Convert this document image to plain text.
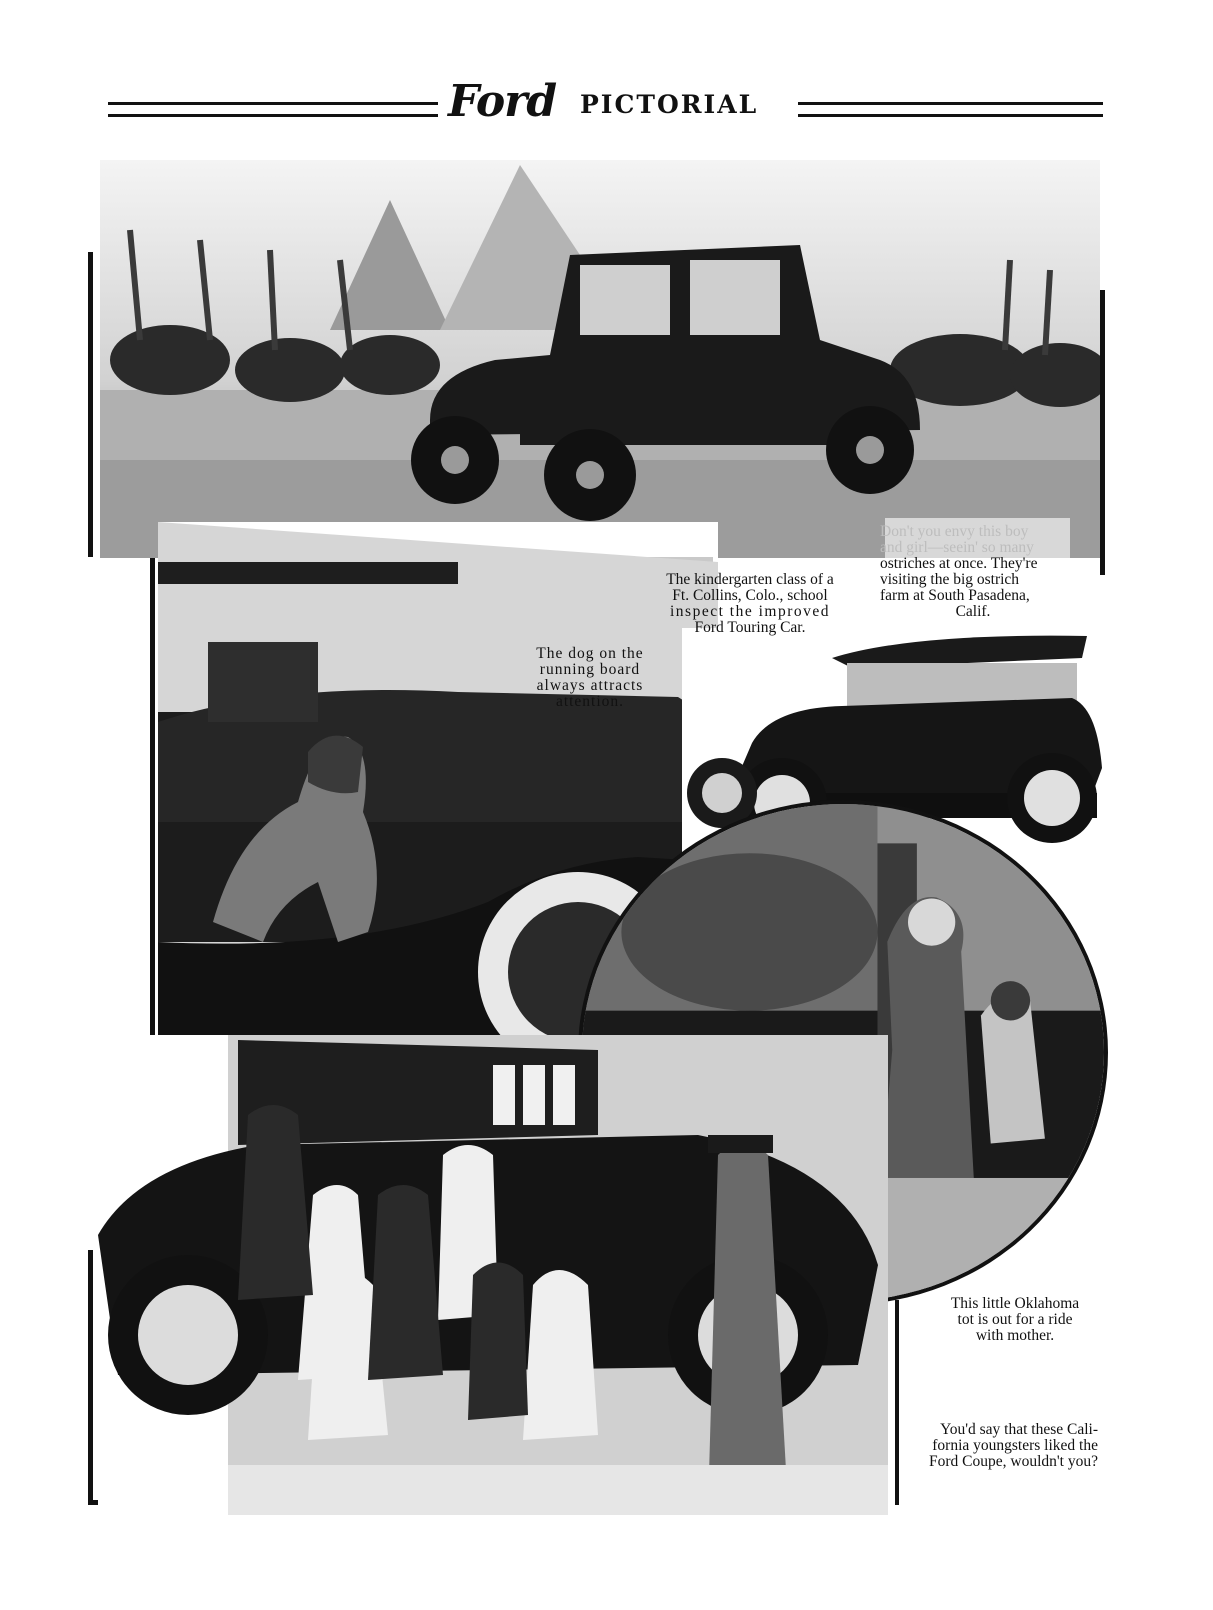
Ford PICTORIAL
Don't you envy this boy
and girl—seein' so many
ostriches at once. They're
visiting the big ostrich
farm at South Pasadena,
Calif.
The kindergarten class of a
Ft. Collins, Colo., school
inspect the improved
Ford Touring Car.
The dog on the
running board
always attracts
attention.
This little Oklahoma
tot is out for a ride
with mother.
You'd say that these Cali-
fornia youngsters liked the
Ford Coupe, wouldn't you?
